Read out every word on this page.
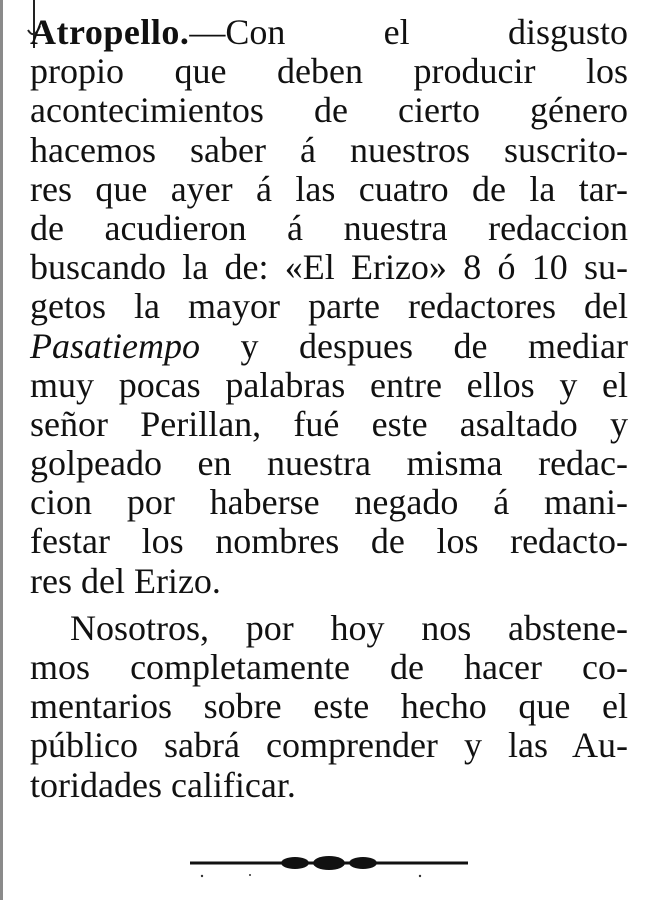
Atropello.—Con el disgusto
propio que deben producir los
acontecimientos de cierto género
hacemos saber á nuestros suscrito-
res que ayer á las cuatro de la tar-
de acudieron á nuestra redaccion
buscando la de: «El Erizo» 8 ó 10 su-
getos la mayor parte redactores del
Pasatiempo y despues de mediar
muy pocas palabras entre ellos y el
señor Perillan, fué este asaltado y
golpeado en nuestra misma redac-
cion por haberse negado á mani-
festar los nombres de los redacto-
res del Erizo.
Nosotros, por hoy nos abstene-
mos completamente de hacer co-
mentarios sobre este hecho que el
público sabrá comprender y las Au-
toridades calificar.
